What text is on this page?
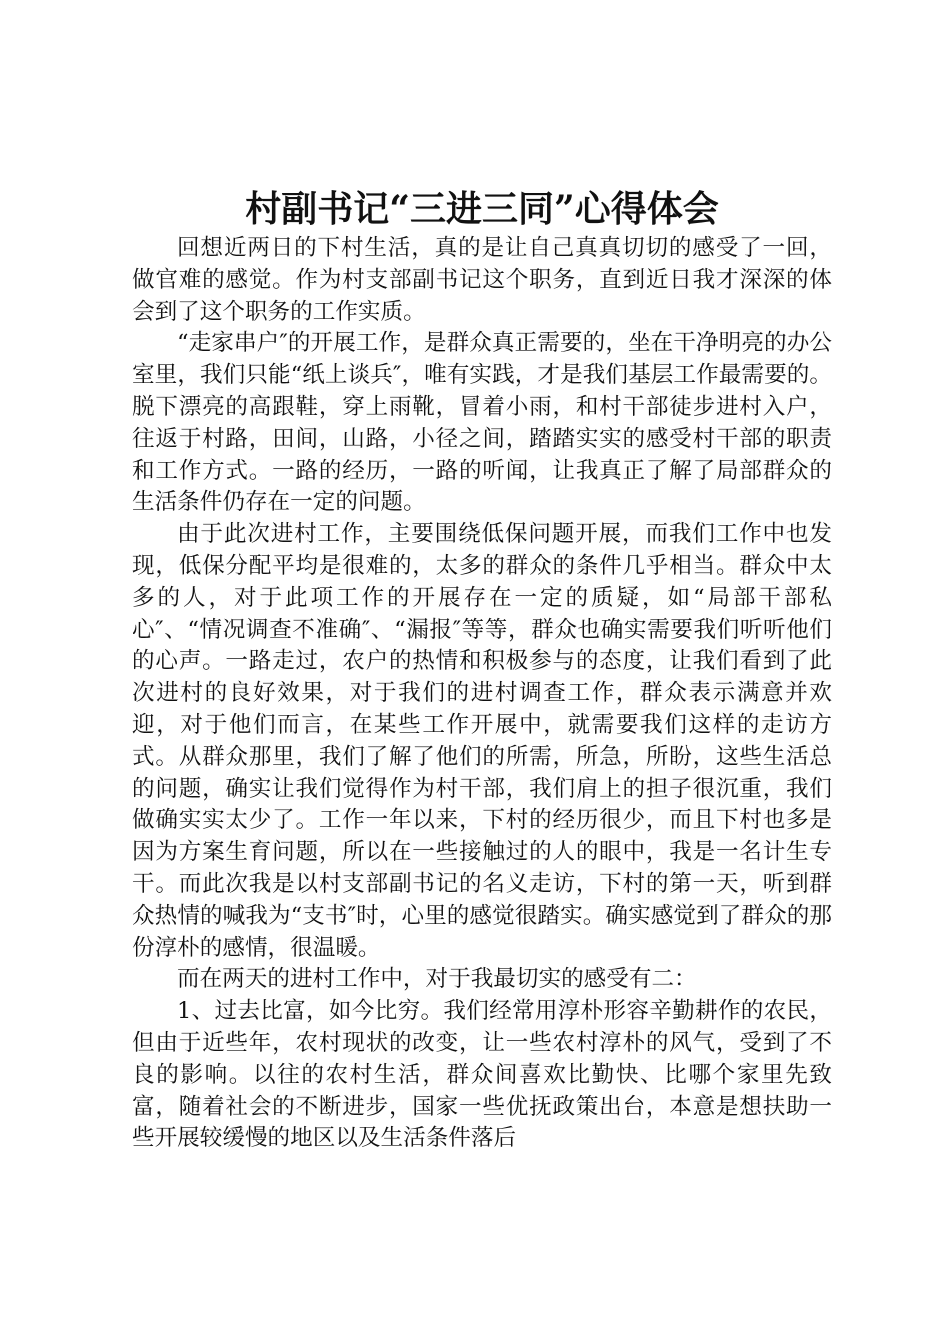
村副书记“三进三同”心得体会

回想近两日的下村生活，真的是让自己真真切切的感受了一回，做官难的感觉。作为村支部副书记这个职务，直到近日我才深深的体会到了这个职务的工作实质。

“走家串户″的开展工作，是群众真正需要的，坐在干净明亮的办公室里，我们只能“纸上谈兵″，唯有实践，才是我们基层工作最需要的。脱下漂亮的高跟鞋，穿上雨靴，冒着小雨，和村干部徒步进村入户，往返于村路，田间，山路，小径之间，踏踏实实的感受村干部的职责和工作方式。一路的经历，一路的听闻，让我真正了解了局部群众的生活条件仍存在一定的问题。

由于此次进村工作，主要围绕低保问题开展，而我们工作中也发现，低保分配平均是很难的，太多的群众的条件几乎相当。群众中太多的人，对于此项工作的开展存在一定的质疑，如“局部干部私心″、“情况调查不准确″、“漏报″等等，群众也确实需要我们听听他们的心声。一路走过，农户的热情和积极参与的态度，让我们看到了此次进村的良好效果，对于我们的进村调查工作，群众表示满意并欢迎，对于他们而言，在某些工作开展中，就需要我们这样的走访方式。从群众那里，我们了解了他们的所需，所急，所盼，这些生活总的问题，确实让我们觉得作为村干部，我们肩上的担子很沉重，我们做确实实太少了。工作一年以来，下村的经历很少，而且下村也多是因为方案生育问题，所以在一些接触过的人的眼中，我是一名计生专干。而此次我是以村支部副书记的名义走访，下村的第一天，听到群众热情的喊我为“支书″时，心里的感觉很踏实。确实感觉到了群众的那份淳朴的感情，很温暖。

而在两天的进村工作中，对于我最切实的感受有二：

1、过去比富，如今比穷。我们经常用淳朴形容辛勤耕作的农民，但由于近些年，农村现状的改变，让一些农村淳朴的风气，受到了不良的影响。以往的农村生活，群众间喜欢比勤快、比哪个家里先致富，随着社会的不断进步，国家一些优抚政策出台，本意是想扶助一些开展较缓慢的地区以及生活条件落后
